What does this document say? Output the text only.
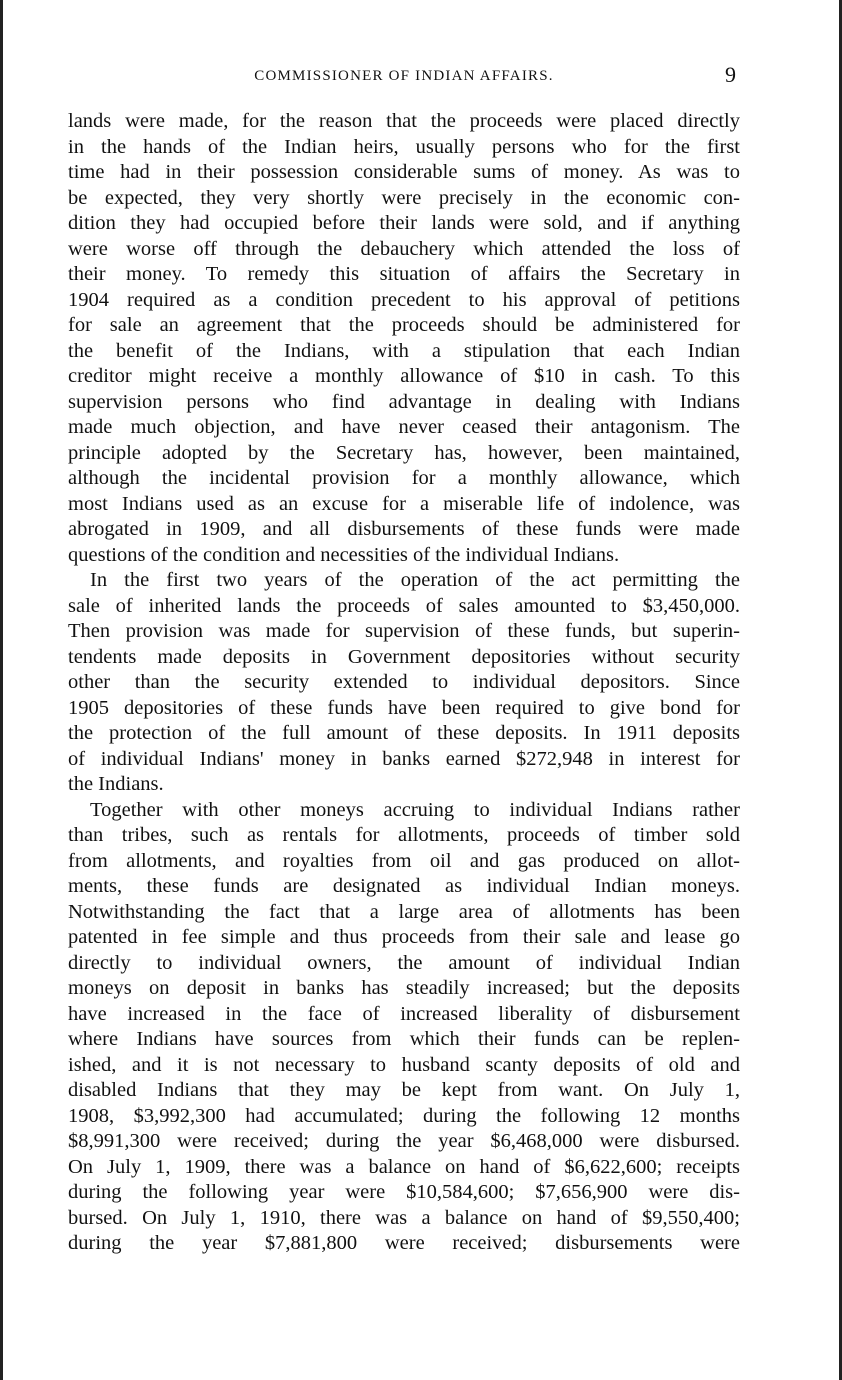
COMMISSIONER OF INDIAN AFFAIRS.	9
lands were made, for the reason that the proceeds were placed directly
in the hands of the Indian heirs, usually persons who for the first
time had in their possession considerable sums of money. As was to
be expected, they very shortly were precisely in the economic con-
dition they had occupied before their lands were sold, and if anything
were worse off through the debauchery which attended the loss of
their money. To remedy this situation of affairs the Secretary in
1904 required as a condition precedent to his approval of petitions
for sale an agreement that the proceeds should be administered for
the benefit of the Indians, with a stipulation that each Indian
creditor might receive a monthly allowance of $10 in cash. To this
supervision persons who find advantage in dealing with Indians
made much objection, and have never ceased their antagonism. The
principle adopted by the Secretary has, however, been maintained,
although the incidental provision for a monthly allowance, which
most Indians used as an excuse for a miserable life of indolence, was
abrogated in 1909, and all disbursements of these funds were made
questions of the condition and necessities of the individual Indians.
In the first two years of the operation of the act permitting the
sale of inherited lands the proceeds of sales amounted to $3,450,000.
Then provision was made for supervision of these funds, but superin-
tendents made deposits in Government depositories without security
other than the security extended to individual depositors. Since
1905 depositories of these funds have been required to give bond for
the protection of the full amount of these deposits. In 1911 deposits
of individual Indians' money in banks earned $272,948 in interest for
the Indians.
Together with other moneys accruing to individual Indians rather
than tribes, such as rentals for allotments, proceeds of timber sold
from allotments, and royalties from oil and gas produced on allot-
ments, these funds are designated as individual Indian moneys.
Notwithstanding the fact that a large area of allotments has been
patented in fee simple and thus proceeds from their sale and lease go
directly to individual owners, the amount of individual Indian
moneys on deposit in banks has steadily increased; but the deposits
have increased in the face of increased liberality of disbursement
where Indians have sources from which their funds can be replen-
ished, and it is not necessary to husband scanty deposits of old and
disabled Indians that they may be kept from want. On July 1,
1908, $3,992,300 had accumulated; during the following 12 months
$8,991,300 were received; during the year $6,468,000 were disbursed.
On July 1, 1909, there was a balance on hand of $6,622,600; receipts
during the following year were $10,584,600; $7,656,900 were dis-
bursed. On July 1, 1910, there was a balance on hand of $9,550,400;
during the year $7,881,800 were received; disbursements were
